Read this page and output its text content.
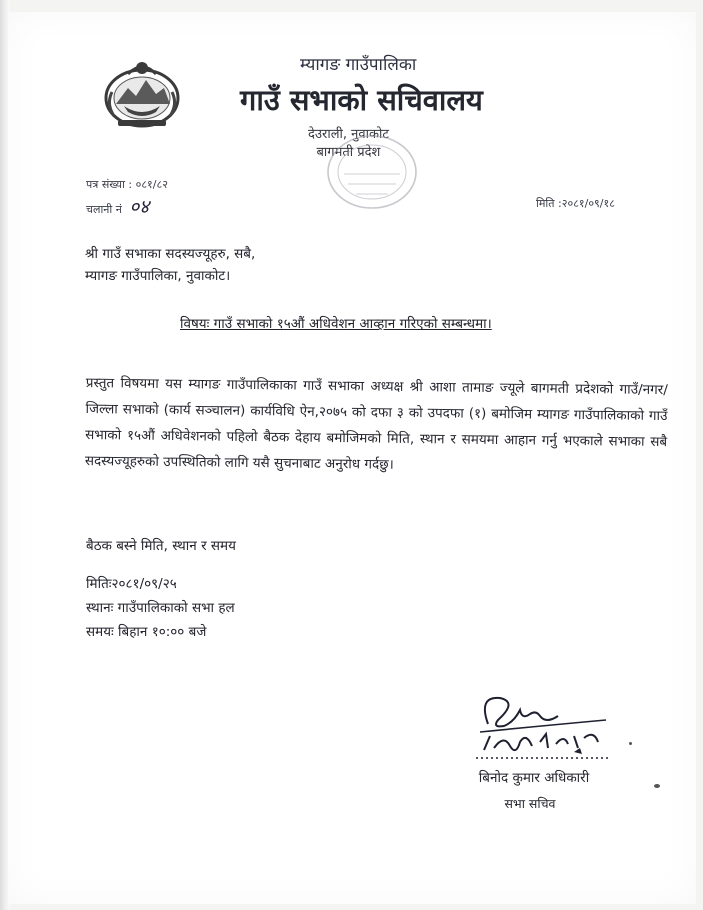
म्यागङ गाउँपालिका
गाउँ सभाको सचिवालय
देउराली, नुवाकोट
बागमती प्रदेश
पत्र संख्या : ०८१/८२
चलानी नं ०४	मिति :२०८१/०९/१८
श्री गाउँ सभाका सदस्यज्यूहरु, सबै,
म्यागङ गाउँपालिका, नुवाकोट।
विषयः गाउँ सभाको १५औं अधिवेशन आव्हान गरिएको सम्बन्धमा।
प्रस्तुत विषयमा यस म्यागङ गाउँपालिकाका गाउँ सभाका अध्यक्ष श्री आशा तामाङ ज्यूले बागमती प्रदेशको गाउँ/नगर/जिल्ला सभाको (कार्य सञ्चालन) कार्यविधि ऐन,२०७५ को दफा ३ को उपदफा (१) बमोजिम म्यागङ गाउँपालिकाको गाउँ सभाको १५औं अधिवेशनको पहिलो बैठक देहाय बमोजिमको मिति, स्थान र समयमा आहान गर्नु भएकाले सभाका सबै सदस्यज्यूहरुको उपस्थितिको लागि यसै सुचनाबाट अनुरोध गर्दछु।
बैठक बस्ने मिति, स्थान र समय
मितिः२०८१/०९/२५
स्थानः गाउँपालिकाको सभा हल
समयः बिहान १०:०० बजे
बिनोद कुमार अधिकारी
सभा सचिव
